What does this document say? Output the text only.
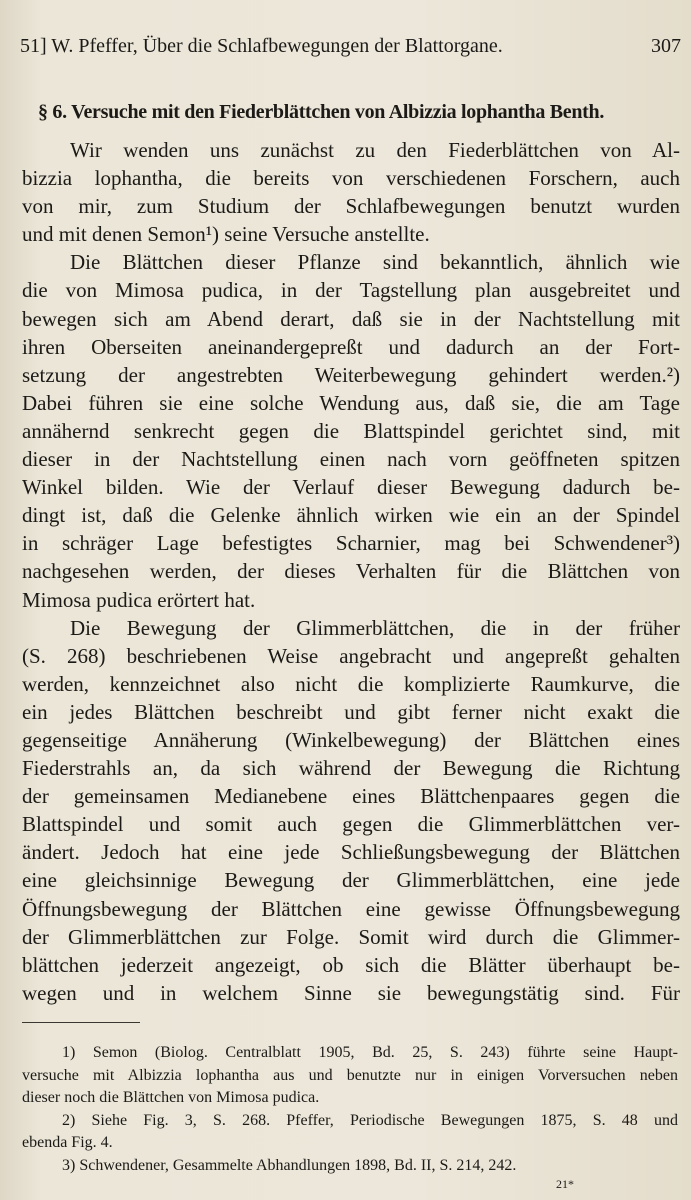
51] W. Pfeffer, Über die Schlafbewegungen der Blattorgane.	307
§ 6. Versuche mit den Fiederblättchen von Albizzia lophantha Benth.
Wir wenden uns zunächst zu den Fiederblättchen von Al-
bizzia lophantha, die bereits von verschiedenen Forschern, auch
von mir, zum Studium der Schlafbewegungen benutzt wurden
und mit denen Semon¹) seine Versuche anstellte.
Die Blättchen dieser Pflanze sind bekanntlich, ähnlich wie
die von Mimosa pudica, in der Tagstellung plan ausgebreitet und
bewegen sich am Abend derart, daß sie in der Nachtstellung mit
ihren Oberseiten aneinandergepreßt und dadurch an der Fort-
setzung der angestrebten Weiterbewegung gehindert werden.²)
Dabei führen sie eine solche Wendung aus, daß sie, die am Tage
annähernd senkrecht gegen die Blattspindel gerichtet sind, mit
dieser in der Nachtstellung einen nach vorn geöffneten spitzen
Winkel bilden. Wie der Verlauf dieser Bewegung dadurch be-
dingt ist, daß die Gelenke ähnlich wirken wie ein an der Spindel
in schräger Lage befestigtes Scharnier, mag bei Schwendener³)
nachgesehen werden, der dieses Verhalten für die Blättchen von
Mimosa pudica erörtert hat.
Die Bewegung der Glimmerblättchen, die in der früher
(S. 268) beschriebenen Weise angebracht und angepreßt gehalten
werden, kennzeichnet also nicht die komplizierte Raumkurve, die
ein jedes Blättchen beschreibt und gibt ferner nicht exakt die
gegenseitige Annäherung (Winkelbewegung) der Blättchen eines
Fiederstrahls an, da sich während der Bewegung die Richtung
der gemeinsamen Medianebene eines Blättchenpaares gegen die
Blattspindel und somit auch gegen die Glimmerblättchen ver-
ändert. Jedoch hat eine jede Schließungsbewegung der Blättchen
eine gleichsinnige Bewegung der Glimmerblättchen, eine jede
Öffnungsbewegung der Blättchen eine gewisse Öffnungsbewegung
der Glimmerblättchen zur Folge. Somit wird durch die Glimmer-
blättchen jederzeit angezeigt, ob sich die Blätter überhaupt be-
wegen und in welchem Sinne sie bewegungstätig sind. Für
1) Semon (Biolog. Centralblatt 1905, Bd. 25, S. 243) führte seine Haupt-
versuche mit Albizzia lophantha aus und benutzte nur in einigen Vorversuchen neben
dieser noch die Blättchen von Mimosa pudica.
2) Siehe Fig. 3, S. 268. Pfeffer, Periodische Bewegungen 1875, S. 48 und
ebenda Fig. 4.
3) Schwendener, Gesammelte Abhandlungen 1898, Bd. II, S. 214, 242.
21*
